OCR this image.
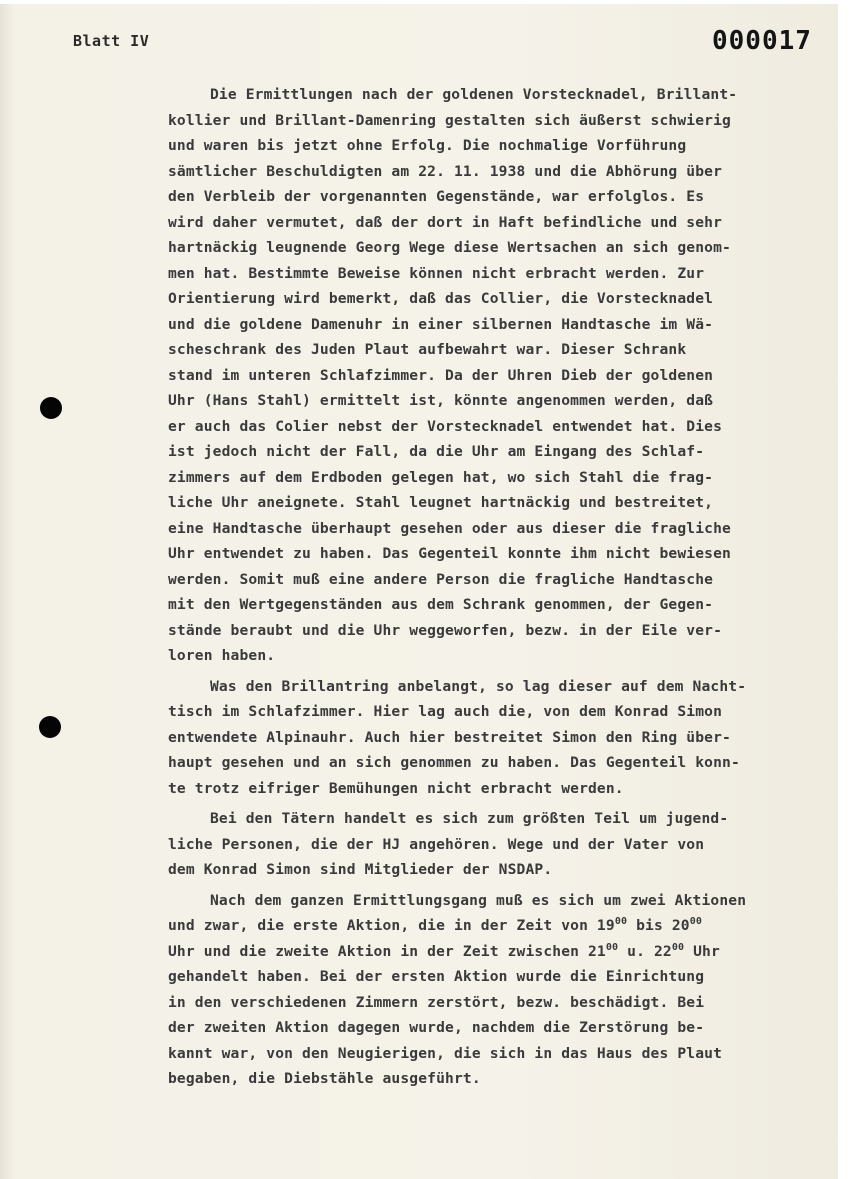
Blatt IV	000017
Die Ermittlungen nach der goldenen Vorstecknadel, Brillant-
kollier und Brillant-Damenring gestalten sich äußerst schwierig
und waren bis jetzt ohne Erfolg. Die nochmalige Vorführung
sämtlicher Beschuldigten am 22. 11. 1938 und die Abhörung über
den Verbleib der vorgenannten Gegenstände, war erfolglos. Es
wird daher vermutet, daß der dort in Haft befindliche und sehr
hartnäckig leugnende Georg Wege diese Wertsachen an sich genom-
men hat. Bestimmte Beweise können nicht erbracht werden. Zur
Orientierung wird bemerkt, daß das Collier, die Vorstecknadel
und die goldene Damenuhr in einer silbernen Handtasche im Wä-
scheschrank des Juden Plaut aufbewahrt war. Dieser Schrank
stand im unteren Schlafzimmer. Da der Uhren Dieb der goldenen
Uhr (Hans Stahl) ermittelt ist, könnte angenommen werden, daß
er auch das Colier nebst der Vorstecknadel entwendet hat. Dies
ist jedoch nicht der Fall, da die Uhr am Eingang des Schlaf-
zimmers auf dem Erdboden gelegen hat, wo sich Stahl die frag-
liche Uhr aneignete. Stahl leugnet hartnäckig und bestreitet,
eine Handtasche überhaupt gesehen oder aus dieser die fragliche
Uhr entwendet zu haben. Das Gegenteil konnte ihm nicht bewiesen
werden. Somit muß eine andere Person die fragliche Handtasche
mit den Wertgegenständen aus dem Schrank genommen, der Gegen-
stände beraubt und die Uhr weggeworfen, bezw. in der Eile ver-
loren haben.
Was den Brillantring anbelangt, so lag dieser auf dem Nacht-
tisch im Schlafzimmer. Hier lag auch die, von dem Konrad Simon
entwendete Alpinauhr. Auch hier bestreitet Simon den Ring über-
haupt gesehen und an sich genommen zu haben. Das Gegenteil konn-
te trotz eifriger Bemühungen nicht erbracht werden.
Bei den Tätern handelt es sich zum größten Teil um jugend-
liche Personen, die der HJ angehören. Wege und der Vater von
dem Konrad Simon sind Mitglieder der NSDAP.
Nach dem ganzen Ermittlungsgang muß es sich um zwei Aktionen
und zwar, die erste Aktion, die in der Zeit von $19^{00}$ bis $20^{00}$
Uhr und die zweite Aktion in der Zeit zwischen $21^{00}$ u. $22^{00}$ Uhr
gehandelt haben. Bei der ersten Aktion wurde die Einrichtung
in den verschiedenen Zimmern zerstört, bezw. beschädigt. Bei
der zweiten Aktion dagegen wurde, nachdem die Zerstörung be-
kannt war, von den Neugierigen, die sich in das Haus des Plaut
begaben, die Diebstähle ausgeführt.
